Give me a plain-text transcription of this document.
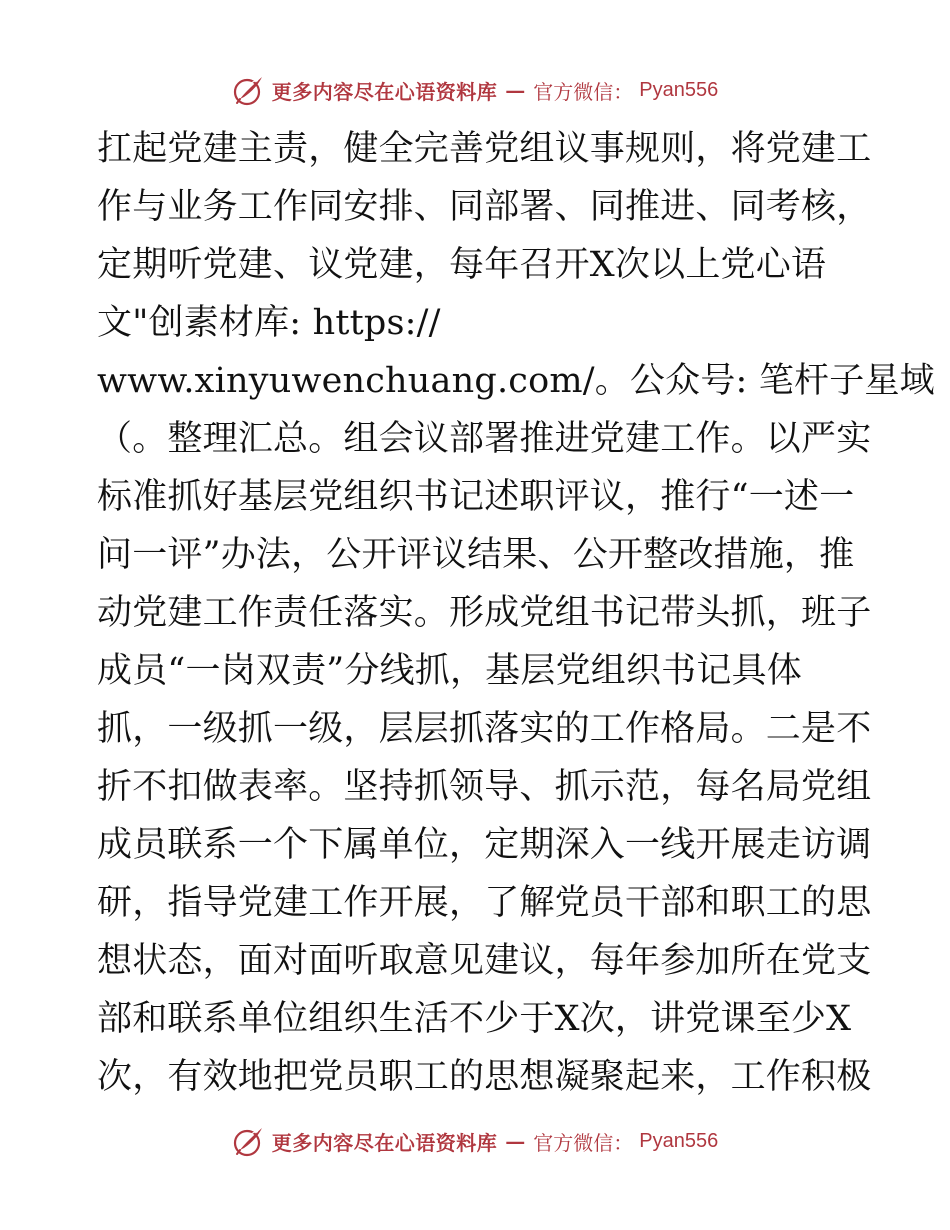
更多内容尽在心语资料库 — 官方微信： Pyan556
扛起党建主责，健全完善党组议事规则，将党建工
作与业务工作同安排、同部署、同推进、同考核，
定期听党建、议党建，每年召开X次以上党心语
文"创素材库: https://
www.xinyuwenchuang.com/。公众号: 笔杆子星域
（。整理汇总。组会议部署推进党建工作。以严实
标准抓好基层党组织书记述职评议，推行“一述一
问一评”办法，公开评议结果、公开整改措施，推
动党建工作责任落实。形成党组书记带头抓，班子
成员“一岗双责”分线抓，基层党组织书记具体
抓，一级抓一级，层层抓落实的工作格局。二是不
折不扣做表率。坚持抓领导、抓示范，每名局党组
成员联系一个下属单位，定期深入一线开展走访调
研，指导党建工作开展，了解党员干部和职工的思
想状态，面对面听取意见建议，每年参加所在党支
部和联系单位组织生活不少于X次，讲党课至少X
次，有效地把党员职工的思想凝聚起来，工作积极
更多内容尽在心语资料库 — 官方微信： Pyan556
